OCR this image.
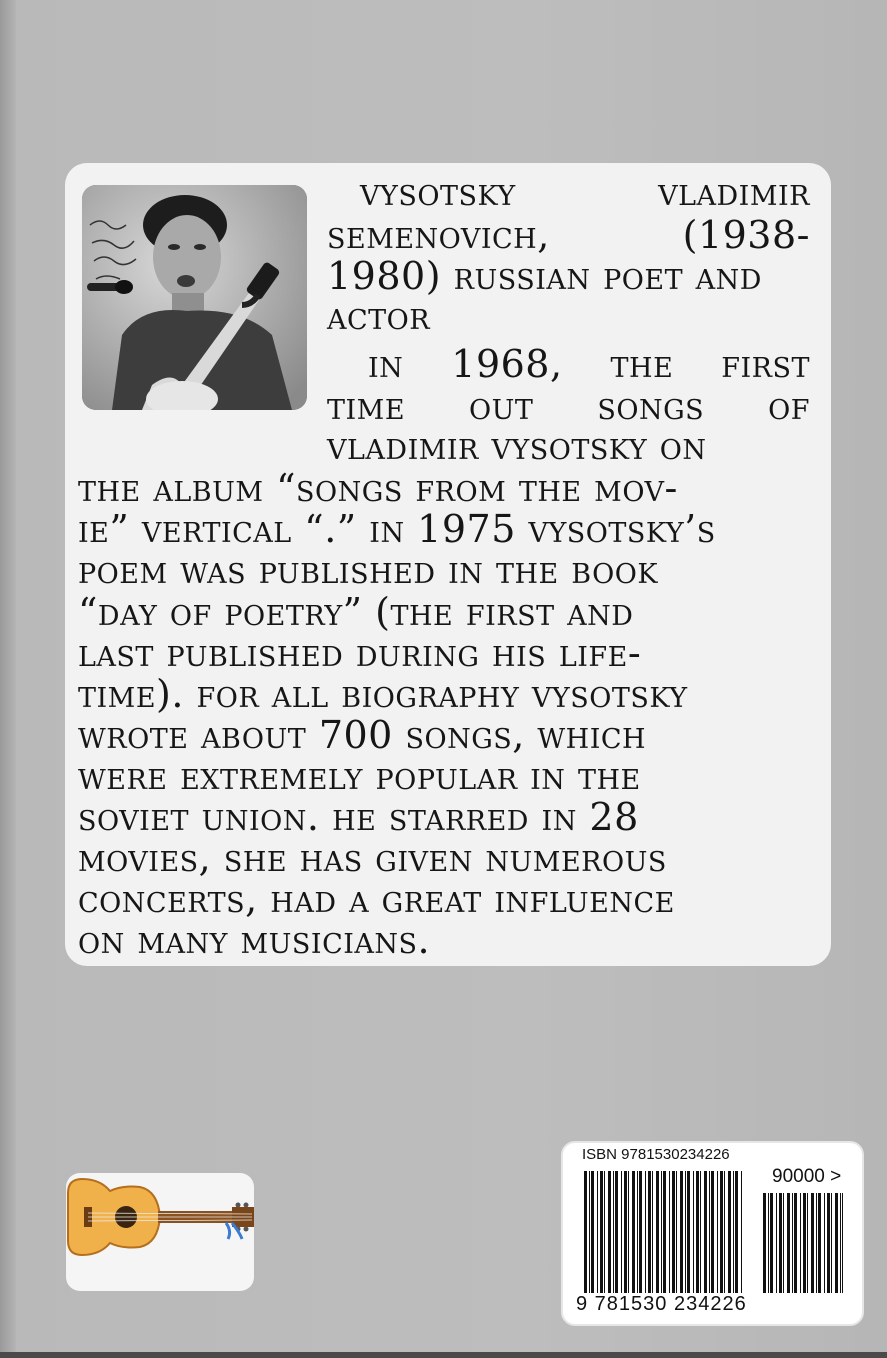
vysotsky	vladimir
semenovich,	(1938-
1980) russian poet and
actor
in 1968, the first
time out songs of
vladimir vysotsky on
the album “songs from the mov-
ie” vertical “.” in 1975 vysotsky’s
poem was published in the book
“day of poetry” (the first and
last published during his life-
time). for all biography vysotsky
wrote about 700 songs, which
were extremely popular in the
soviet union. he starred in 28
movies, she has given numerous
concerts, had a great influence
on many musicians.
ISBN 9781530234226
90000 >
9 781530 234226
